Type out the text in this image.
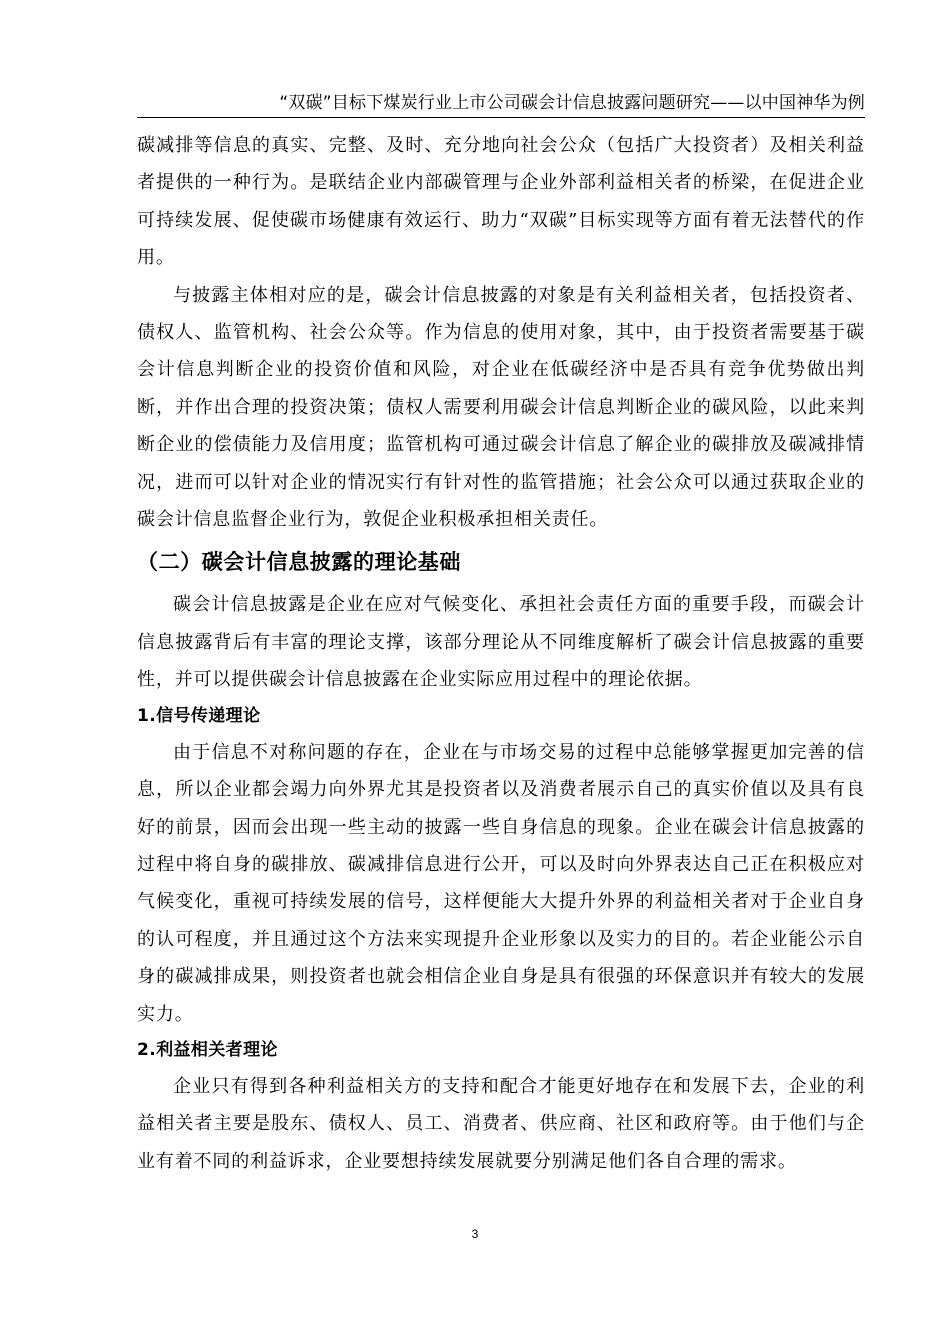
“双碳”目标下煤炭行业上市公司碳会计信息披露问题研究——以中国神华为例

碳减排等信息的真实、完整、及时、充分地向社会公众（包括广大投资者）及相关利益者提供的一种行为。是联结企业内部碳管理与企业外部利益相关者的桥梁，在促进企业可持续发展、促使碳市场健康有效运行、助力“双碳”目标实现等方面有着无法替代的作用。

与披露主体相对应的是，碳会计信息披露的对象是有关利益相关者，包括投资者、债权人、监管机构、社会公众等。作为信息的使用对象，其中，由于投资者需要基于碳会计信息判断企业的投资价值和风险，对企业在低碳经济中是否具有竞争优势做出判断，并作出合理的投资决策；债权人需要利用碳会计信息判断企业的碳风险，以此来判断企业的偿债能力及信用度；监管机构可通过碳会计信息了解企业的碳排放及碳减排情况，进而可以针对企业的情况实行有针对性的监管措施；社会公众可以通过获取企业的碳会计信息监督企业行为，敦促企业积极承担相关责任。

（二）碳会计信息披露的理论基础

碳会计信息披露是企业在应对气候变化、承担社会责任方面的重要手段，而碳会计信息披露背后有丰富的理论支撑，该部分理论从不同维度解析了碳会计信息披露的重要性，并可以提供碳会计信息披露在企业实际应用过程中的理论依据。

1.信号传递理论

由于信息不对称问题的存在，企业在与市场交易的过程中总能够掌握更加完善的信息，所以企业都会竭力向外界尤其是投资者以及消费者展示自己的真实价值以及具有良好的前景，因而会出现一些主动的披露一些自身信息的现象。企业在碳会计信息披露的过程中将自身的碳排放、碳减排信息进行公开，可以及时向外界表达自己正在积极应对气候变化，重视可持续发展的信号，这样便能大大提升外界的利益相关者对于企业自身的认可程度，并且通过这个方法来实现提升企业形象以及实力的目的。若企业能公示自身的碳减排成果，则投资者也就会相信企业自身是具有很强的环保意识并有较大的发展实力。

2.利益相关者理论

企业只有得到各种利益相关方的支持和配合才能更好地存在和发展下去，企业的利益相关者主要是股东、债权人、员工、消费者、供应商、社区和政府等。由于他们与企业有着不同的利益诉求，企业要想持续发展就要分别满足他们各自合理的需求。

3
